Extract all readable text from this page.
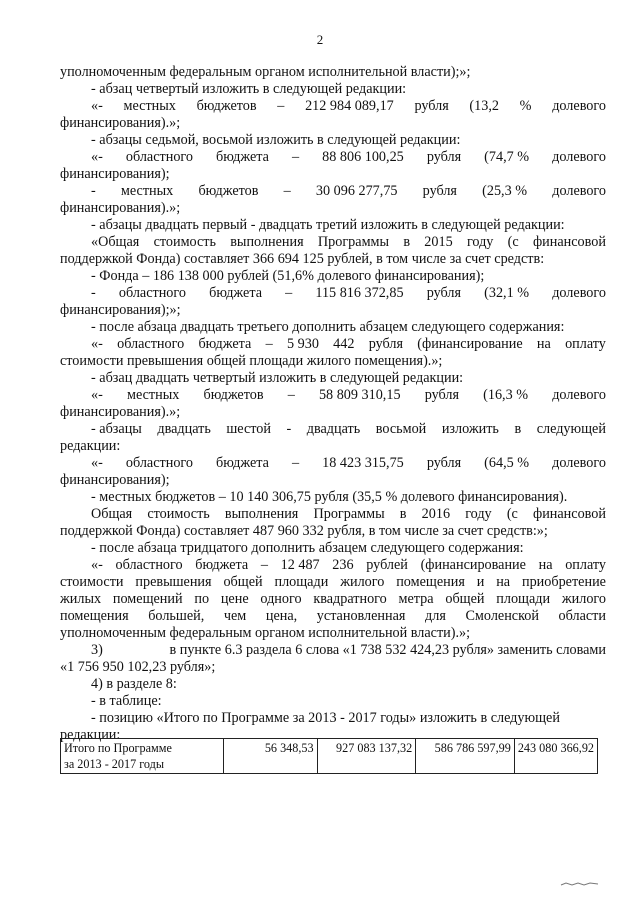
2
уполномоченным федеральным органом исполнительной власти);»;
- абзац четвертый изложить в следующей редакции:
«- местных бюджетов – 212 984 089,17 рубля (13,2 % долевого
финансирования).»;
- абзацы седьмой, восьмой изложить в следующей редакции:
«- областного бюджета – 88 806 100,25 рубля (74,7 % долевого
финансирования);
- местных бюджетов – 30 096 277,75 рубля (25,3 % долевого
финансирования).»;
- абзацы двадцать первый - двадцать третий изложить в следующей редакции:
«Общая стоимость выполнения Программы в 2015 году (с финансовой
поддержкой Фонда) составляет 366 694 125 рублей, в том числе за счет средств:
- Фонда – 186 138 000 рублей (51,6% долевого финансирования);
- областного бюджета – 115 816 372,85 рубля (32,1 % долевого
финансирования);»;
- после абзаца двадцать третьего дополнить абзацем следующего содержания:
«- областного бюджета – 5 930 442 рубля (финансирование на оплату
стоимости превышения общей площади жилого помещения).»;
- абзац двадцать четвертый изложить в следующей редакции:
«- местных бюджетов – 58 809 310,15 рубля (16,3 % долевого
финансирования).»;
- абзацы двадцать шестой - двадцать восьмой изложить в следующей
редакции:
«- областного бюджета – 18 423 315,75 рубля (64,5 % долевого
финансирования);
- местных бюджетов – 10 140 306,75 рубля (35,5 % долевого финансирования).
Общая стоимость выполнения Программы в 2016 году (с финансовой
поддержкой Фонда) составляет 487 960 332 рубля, в том числе за счет средств:»;
- после абзаца тридцатого дополнить абзацем следующего содержания:
«- областного бюджета – 12 487 236 рублей (финансирование на оплату
стоимости превышения общей площади жилого помещения и на приобретение
жилых помещений по цене одного квадратного метра общей площади жилого
помещения большей, чем цена, установленная для Смоленской области
уполномоченным федеральным органом исполнительной власти).»;
3)	в пункте 6.3 раздела 6 слова «1 738 532 424,23 рубля» заменить словами
«1 756 950 102,23 рубля»;
4) в разделе 8:
- в таблице:
- позицию «Итого по Программе за 2013 - 2017 годы» изложить в следующей
редакции:
Итого по Программе
за 2013 - 2017 годы
	56 348,53	927 083 137,32	586 786 597,99	243 080 366,92
